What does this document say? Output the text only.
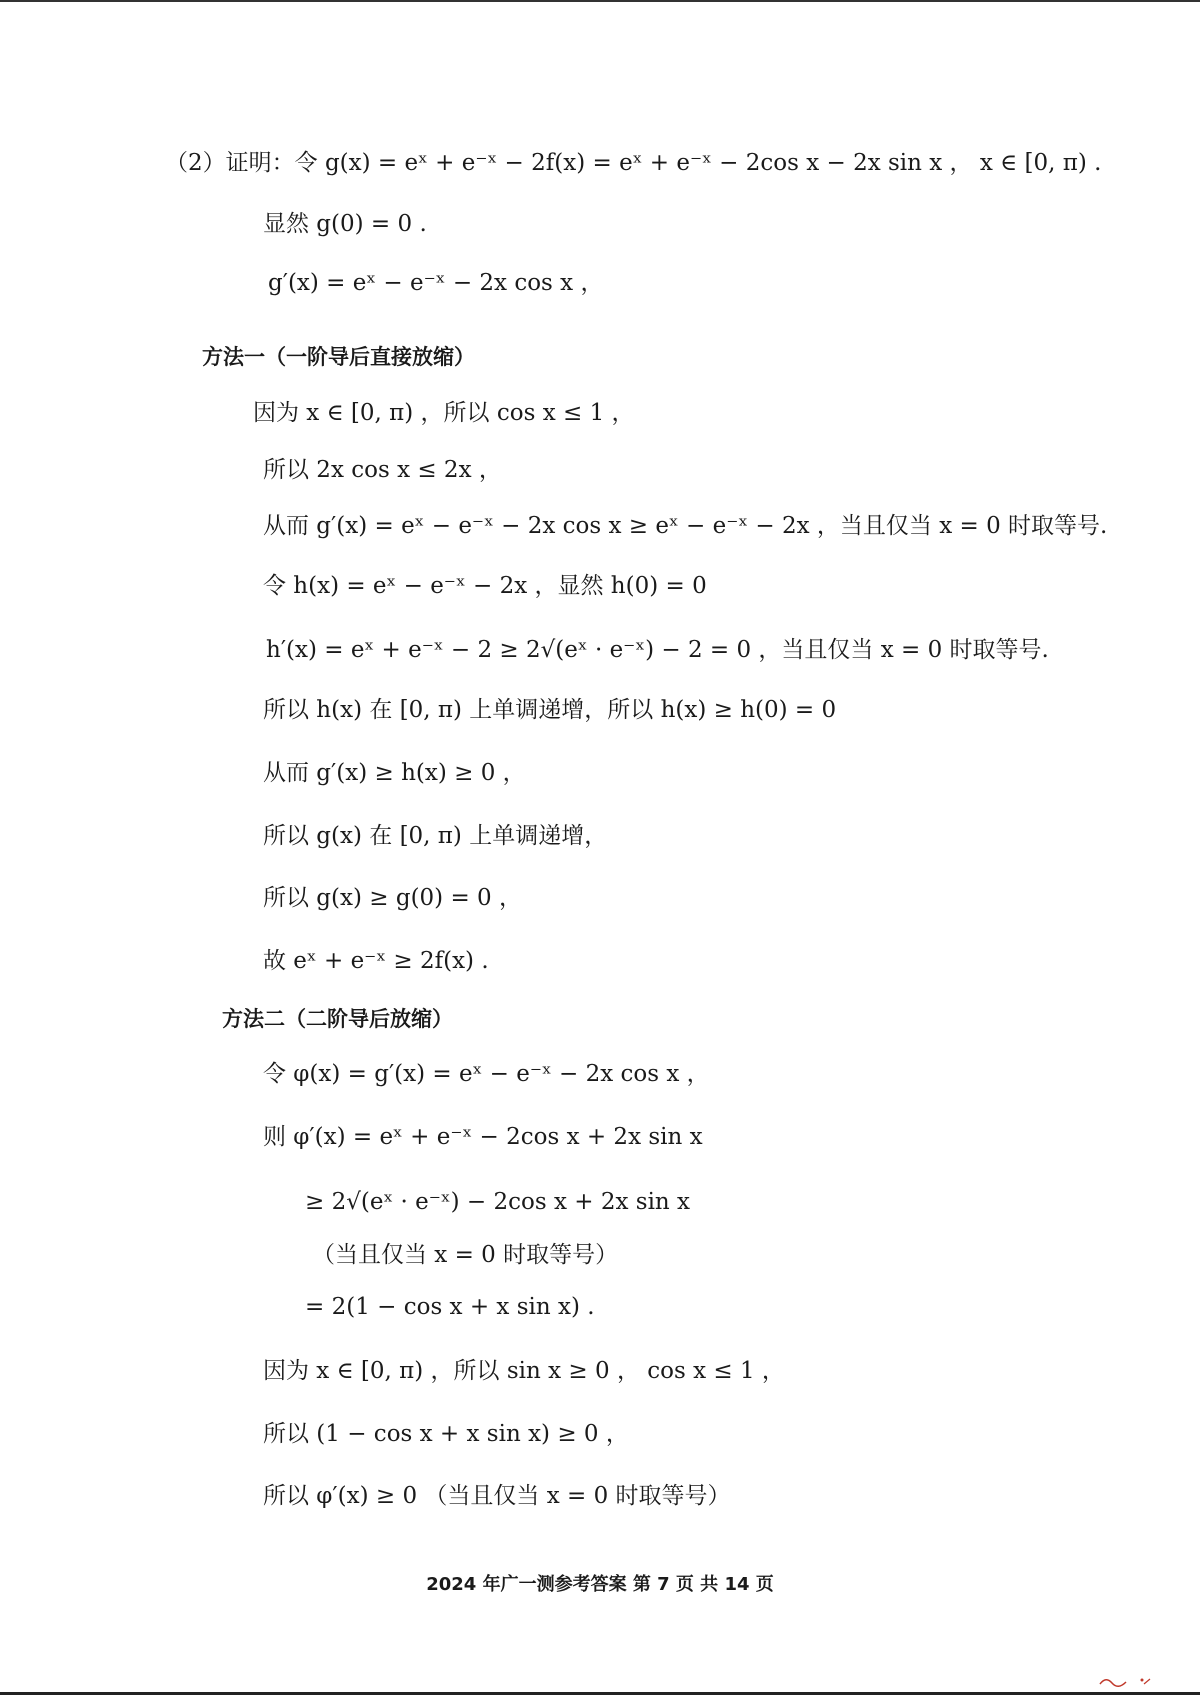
（2）证明：令 g(x) = eˣ + e⁻ˣ − 2f(x) = eˣ + e⁻ˣ − 2cos x − 2x sin x ， x ∈ [0, π) .
显然 g(0) = 0 .
g′(x) = eˣ − e⁻ˣ − 2x cos x ，
方法一（一阶导后直接放缩）
因为 x ∈ [0, π) ，所以 cos x ≤ 1 ，
所以 2x cos x ≤ 2x ，
从而 g′(x) = eˣ − e⁻ˣ − 2x cos x ≥ eˣ − e⁻ˣ − 2x ，当且仅当 x = 0 时取等号.
令 h(x) = eˣ − e⁻ˣ − 2x ，显然 h(0) = 0
h′(x) = eˣ + e⁻ˣ − 2 ≥ 2√(eˣ · e⁻ˣ) − 2 = 0 ，当且仅当 x = 0 时取等号.
所以 h(x) 在 [0, π) 上单调递增，所以 h(x) ≥ h(0) = 0
从而 g′(x) ≥ h(x) ≥ 0 ，
所以 g(x) 在 [0, π) 上单调递增，
所以 g(x) ≥ g(0) = 0 ，
故 eˣ + e⁻ˣ ≥ 2f(x) .
方法二（二阶导后放缩）
令 φ(x) = g′(x) = eˣ − e⁻ˣ − 2x cos x ，
则 φ′(x) = eˣ + e⁻ˣ − 2cos x + 2x sin x
≥ 2√(eˣ · e⁻ˣ) − 2cos x + 2x sin x
（当且仅当 x = 0 时取等号）
= 2(1 − cos x + x sin x) .
因为 x ∈ [0, π) ，所以 sin x ≥ 0 ， cos x ≤ 1 ，
所以 (1 − cos x + x sin x) ≥ 0 ，
所以 φ′(x) ≥ 0 （当且仅当 x = 0 时取等号）
2024 年广一测参考答案 第 7 页 共 14 页
